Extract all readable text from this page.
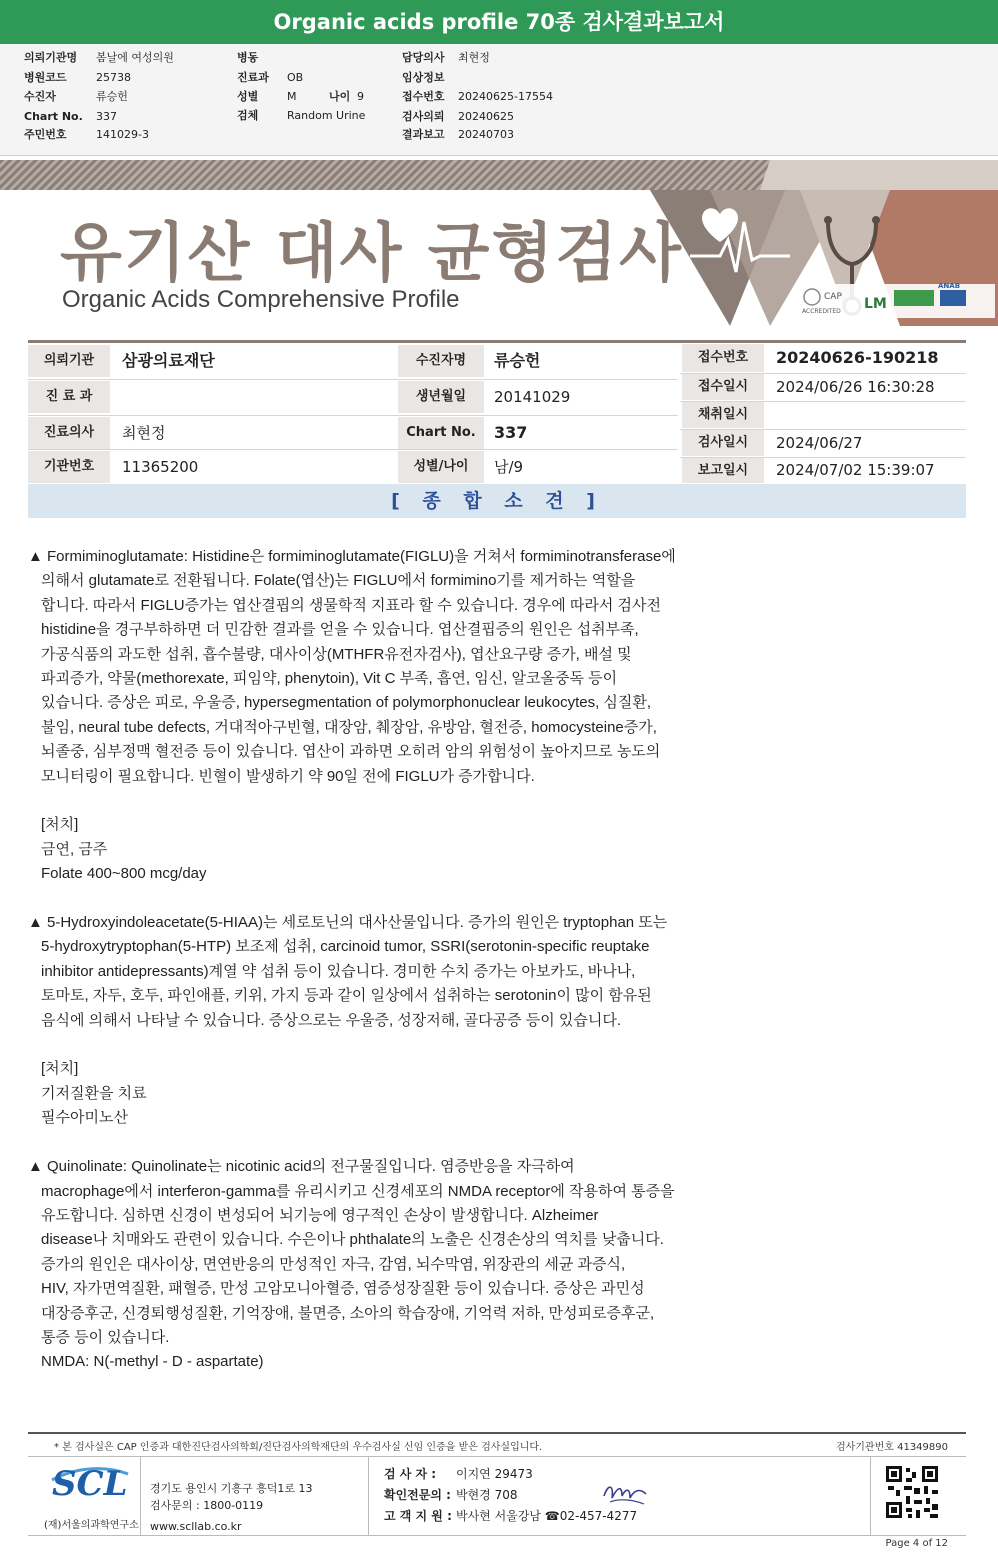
Organic acids profile 70종 검사결과보고서
의뢰기관명 봄날에 여성의원
병원코드	25738
수진자	류승헌
Chart No. 337
주민번호	141029-3
병동
진료과 OB
성별	M	나이 9
검체	Random Urine
담당의사 최현정
임상정보
접수번호 20240625-17554
검사의뢰 20240625
결과보고 20240703
CAP
ACCREDITED LM
ANAB
유기산 대사 균형검사
Organic Acids Comprehensive Profile
의뢰기관	삼광의료재단
진 료 과
진료의사	최현정
기관번호	11365200
수진자명	류승헌
생년월일	20141029
Chart No.	337
성별/나이	남/9
접수번호	20240626-190218
접수일시	2024/06/26 16:30:28
채취일시
검사일시	2024/06/27
보고일시	2024/07/02 15:39:07
[ 종 합 소 견 ]
▲ Formiminoglutamate: Histidine은 formiminoglutamate(FIGLU)을 거쳐서 formiminotransferase에
의해서 glutamate로 전환됩니다. Folate(엽산)는 FIGLU에서 formimino기를 제거하는 역할을
합니다. 따라서 FIGLU증가는 엽산결핍의 생물학적 지표라 할 수 있습니다. 경우에 따라서 검사전
histidine을 경구부하하면 더 민감한 결과를 얻을 수 있습니다. 엽산결핍증의 원인은 섭취부족,
가공식품의 과도한 섭취, 흡수불량, 대사이상(MTHFR유전자검사), 엽산요구량 증가, 배설 및
파괴증가, 약물(methorexate, 피임약, phenytoin), Vit C 부족, 흡연, 임신, 알코올중독 등이
있습니다. 증상은 피로, 우울증, hypersegmentation of polymorphonuclear leukocytes, 심질환,
불임, neural tube defects, 거대적아구빈혈, 대장암, 췌장암, 유방암, 혈전증, homocysteine증가,
뇌졸중, 심부정맥 혈전증 등이 있습니다. 엽산이 과하면 오히려 암의 위험성이 높아지므로 농도의
모니터링이 필요합니다. 빈혈이 발생하기 약 90일 전에 FIGLU가 증가합니다.
[처치]
금연, 금주
Folate 400~800 mcg/day
▲ 5-Hydroxyindoleacetate(5-HIAA)는 세로토닌의 대사산물입니다. 증가의 원인은 tryptophan 또는
5-hydroxytryptophan(5-HTP) 보조제 섭취, carcinoid tumor, SSRI(serotonin-specific reuptake
inhibitor antidepressants)계열 약 섭취 등이 있습니다. 경미한 수치 증가는 아보카도, 바나나,
토마토, 자두, 호두, 파인애플, 키위, 가지 등과 같이 일상에서 섭취하는 serotonin이 많이 함유된
음식에 의해서 나타날 수 있습니다. 증상으로는 우울증, 성장저해, 골다공증 등이 있습니다.
[처치]
기저질환을 치료
필수아미노산
▲ Quinolinate: Quinolinate는 nicotinic acid의 전구물질입니다. 염증반응을 자극하여
macrophage에서 interferon-gamma를 유리시키고 신경세포의 NMDA receptor에 작용하여 통증을
유도합니다. 심하면 신경이 변성되어 뇌기능에 영구적인 손상이 발생합니다. Alzheimer
disease나 치매와도 관련이 있습니다. 수은이나 phthalate의 노출은 신경손상의 역치를 낮춥니다.
증가의 원인은 대사이상, 면연반응의 만성적인 자극, 감염, 뇌수막염, 위장관의 세균 과증식,
HIV, 자가면역질환, 패혈증, 만성 고암모니아혈증, 염증성장질환 등이 있습니다. 증상은 과민성
대장증후군, 신경퇴행성질환, 기억장애, 불면증, 소아의 학습장애, 기억력 저하, 만성피로증후군,
통증 등이 있습니다.
NMDA: N(-methyl - D - aspartate)
* 본 검사실은 CAP 인증과 대한진단검사의학회/진단검사의학재단의 우수검사실 신임 인증을 받은 검사실입니다.	검사기관번호 41349890
SCL
(재)서울의과학연구소
경기도 용인시 기흥구 흥덕1로 13
검사문의 : 1800-0119
www.scllab.co.kr
검 사 자 : 이지연 29473
확인전문의 : 박현경 708
고 객 지 원 : 박사현 서울강남 ☎02-457-4277
Page 4 of 12
